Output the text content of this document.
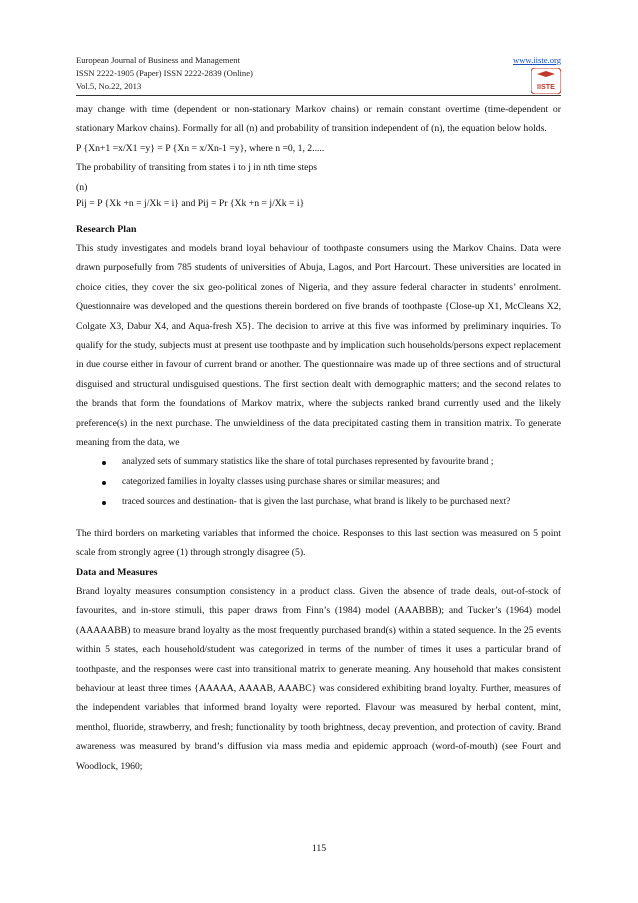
European Journal of Business and Management	www.iiste.org
ISSN 2222-1905 (Paper) ISSN 2222-2839 (Online)
Vol.5, No.22, 2013	IISTE

may change with time (dependent or non-stationary Markov chains) or remain constant overtime (time-dependent or stationary Markov chains). Formally for all (n) and probability of transition independent of (n), the equation below holds.

P {Xn+1 =x/X1 =y} = P {Xn = x/Xn-1 =y}, where n =0, 1, 2.....

The probability of transiting from states i to j in nth time steps

(n)

Pij = P {Xk +n = j/Xk = i} and Pij = Pr {Xk +n = j/Xk = i}

Research Plan

This study investigates and models brand loyal behaviour of toothpaste consumers using the Markov Chains. Data were drawn purposefully from 785 students of universities of Abuja, Lagos, and Port Harcourt. These universities are located in choice cities, they cover the six geo-political zones of Nigeria, and they assure federal character in students’ enrolment. Questionnaire was developed and the questions therein bordered on five brands of toothpaste {Close-up X1, McCleans X2, Colgate X3, Dabur X4, and Aqua-fresh X5}. The decision to arrive at this five was informed by preliminary inquiries. To qualify for the study, subjects must at present use toothpaste and by implication such households/persons expect replacement in due course either in favour of current brand or another. The questionnaire was made up of three sections and of structural disguised and structural undisguised questions. The first section dealt with demographic matters; and the second relates to the brands that form the foundations of Markov matrix, where the subjects ranked brand currently used and the likely preference(s) in the next purchase. The unwieldiness of the data precipitated casting them in transition matrix. To generate meaning from the data, we

analyzed sets of summary statistics like the share of total purchases represented by favourite brand ;
categorized families in loyalty classes using purchase shares or similar measures; and
traced sources and destination- that is given the last purchase, what brand is likely to be purchased next?

The third borders on marketing variables that informed the choice. Responses to this last section was measured on 5 point scale from strongly agree (1) through strongly disagree (5).

Data and Measures

Brand loyalty measures consumption consistency in a product class. Given the absence of trade deals, out-of-stock of favourites, and in-store stimuli, this paper draws from Finn’s (1984) model (AAABBB); and Tucker’s (1964) model (AAAAABB) to measure brand loyalty as the most frequently purchased brand(s) within a stated sequence. In the 25 events within 5 states, each household/student was categorized in terms of the number of times it uses a particular brand of toothpaste, and the responses were cast into transitional matrix to generate meaning. Any household that makes consistent behaviour at least three times {AAAAA, AAAAB, AAABC} was considered exhibiting brand loyalty. Further, measures of the independent variables that informed brand loyalty were reported. Flavour was measured by herbal content, mint, menthol, fluoride, strawberry, and fresh; functionality by tooth brightness, decay prevention, and protection of cavity. Brand awareness was measured by brand’s diffusion via mass media and epidemic approach (word-of-mouth) (see Fourt and Woodlock, 1960;

115
